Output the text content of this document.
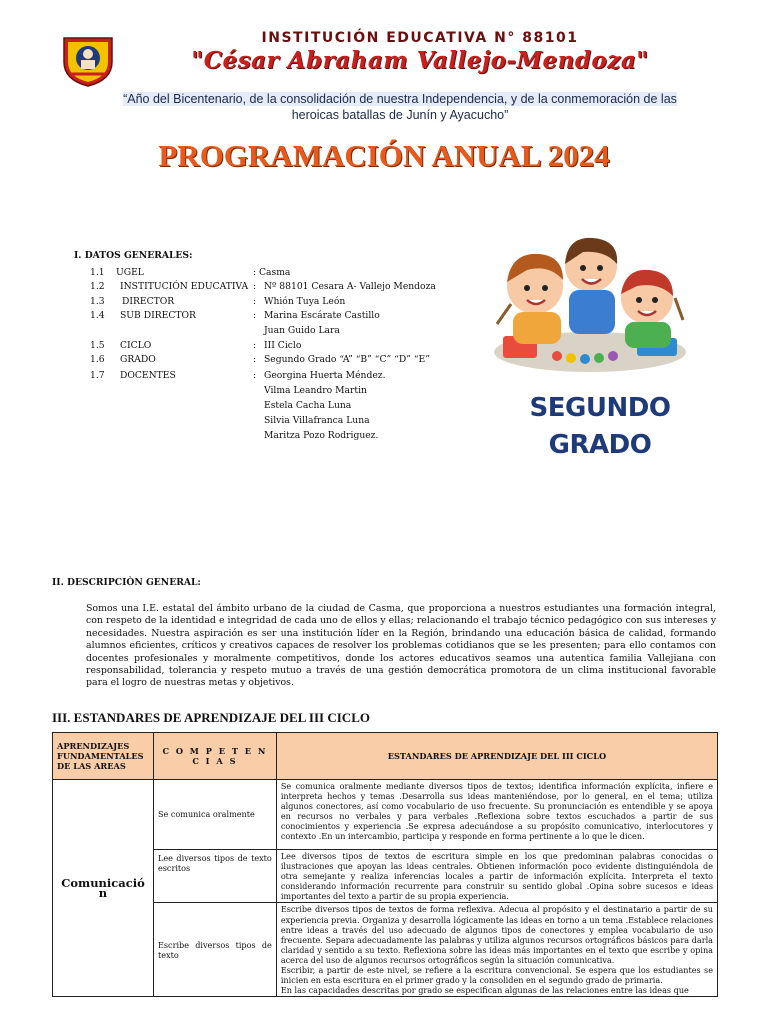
INSTITUCIÓN EDUCATIVA N° 88101
"César Abraham Vallejo-Mendoza"
“Año del Bicentenario, de la consolidación de nuestra Independencia, y de la conmemoración de las
heroicas batallas de Junín y Ayacucho”
PROGRAMACIÓN ANUAL 2024
I. DATOS GENERALES:
1.1 UGEL	: Casma
1.2 INSTITUCIÓN EDUCATIVA : Nº 88101 Cesara A- Vallejo Mendoza
1.3 DIRECTOR	: Whión Tuya León
1.4 SUB DIRECTOR	: Marina Escárate Castillo
Juan Guido Lara
1.5 CICLO	: III Ciclo
1.6 GRADO	: Segundo Grado “A” “B” “C” “D” “E”
1.7 DOCENTES	: Georgina Huerta Méndez.
Vilma Leandro Martin
Estela Cacha Luna
Silvia Villafranca Luna
Maritza Pozo Rodriguez.
SEGUNDO
GRADO
II. DESCRIPCIÒN GENERAL:
Somos una I.E. estatal del ámbito urbano de la ciudad de Casma, que proporciona a nuestros estudiantes una formación integral, con respeto de la identidad e integridad de cada uno de ellos y ellas; relacionando el trabajo técnico pedagógico con sus intereses y necesidades. Nuestra aspiración es ser una institución líder en la Región, brindando una educación básica de calidad, formando alumnos eficientes, críticos y creativos capaces de resolver los problemas cotidianos que se les presenten; para ello contamos con docentes profesionales y moralmente competitivos, donde los actores educativos seamos una autentica familia Vallejiana con responsabilidad, tolerancia y respeto mutuo a través de una gestión democrática promotora de un clima institucional favorable para el logro de nuestras metas y objetivos.
III. ESTANDARES DE APRENDIZAJE DEL III CICLO
APRENDIZAJES FUNDAMENTALES DE LAS AREAS	C O M P E T E N C I A S	ESTANDARES DE APRENDIZAJE DEL III CICLO
Comunicació n	Se comunica oralmente	Se comunica oralmente mediante diversos tipos de textos; identifica información explícita, infiere e interpreta hechos y temas .Desarrolla sus ideas manteniéndose, por lo general, en el tema; utiliza algunos conectores, así como vocabulario de uso frecuente. Su pronunciación es entendible y se apoya en recursos no verbales y para verbales .Reflexiona sobre textos escuchados a partir de sus conocimientos y experiencia .Se expresa adecuándose a su propósito comunicativo, interlocutores y contexto .En un intercambio, participa y responde en forma pertinente a lo que le dicen.
	Lee diversos tipos de texto escritos	Lee diversos tipos de textos de escritura simple en los que predominan palabras conocidas o ilustraciones que apoyan las ideas centrales. Obtienen información poco evidente distinguiéndola de otra semejante y realiza inferencias locales a partir de información explícita. Interpreta el texto considerando información recurrente para construir su sentido global .Opina sobre sucesos e ideas importantes del texto a partir de su propia experiencia.
	Escribe diversos tipos de texto	Escribe diversos tipos de textos de forma reflexiva. Adecua al propósito y el destinatario a partir de su experiencia previa. Organiza y desarrolla lógicamente las ideas en torno a un tema .Establece relaciones entre ideas a través del uso adecuado de algunos tipos de conectores y emplea vocabulario de uso frecuente. Separa adecuadamente las palabras y utiliza algunos recursos ortográficos básicos para darla claridad y sentido a su texto. Reflexiona sobre las ideas más importantes en el texto que escribe y opina acerca del uso de algunos recursos ortográficos según la situación comunicativa.
Escribir, a partir de este nivel, se refiere a la escritura convencional. Se espera que los estudiantes se inicien en esta escritura en el primer grado y la consoliden en el segundo grado de primaria.
En las capacidades descritas por grado se especifican algunas de las relaciones entre las ideas que
